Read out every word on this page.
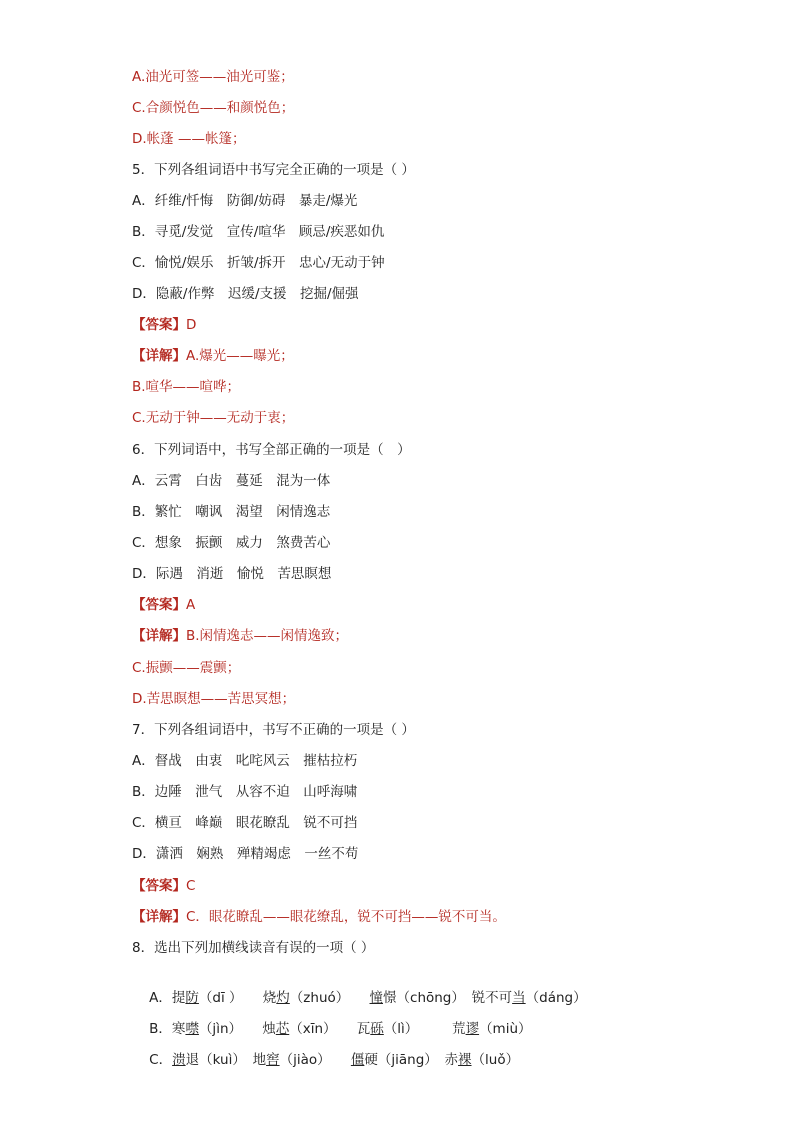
A.油光可签——油光可鉴；
C.合颜悦色——和颜悦色；
D.帐蓬 ——帐篷；
5．下列各组词语中书写完全正确的一项是（ ）
A．纤维/忏悔　防御/妨碍　暴走/爆光
B．寻觅/发觉　宣传/喧华　顾忌/疾恶如仇
C．愉悦/娱乐　折皱/拆开　忠心/无动于钟
D．隐蔽/作弊　迟缓/支援　挖掘/倔强
【答案】D
【详解】A.爆光——曝光；
B.喧华——喧哗；
C.无动于钟——无动于衷；
6．下列词语中，书写全部正确的一项是（　）
A．云霄　白齿　蔓延　混为一体
B．繁忙　嘲讽　渴望　闲情逸志
C．想象　振颤　威力　煞费苦心
D．际遇　消逝　愉悦　苦思瞑想
【答案】A
【详解】B.闲情逸志——闲情逸致；
C.振颤——震颤；
D.苦思瞑想——苦思冥想；
7．下列各组词语中，书写不正确的一项是（ ）
A．督战　由衷　叱咤风云　摧枯拉朽
B．边陲　泄气　从容不迫　山呼海啸
C．横亘　峰巅　眼花瞭乱　锐不可挡
D．潇洒　娴熟　殚精竭虑　一丝不苟
【答案】C
【详解】C．眼花瞭乱——眼花缭乱，锐不可挡——锐不可当。
8．选出下列加横线读音有误的一项（ ）

A．提防（dī ）　　烧灼（zhuó）　　憧憬（chōng）　锐不可当（dáng）

B．寒噤（jìn）　　烛芯（xīn）　　瓦砾（lì）　　　荒谬（miù）

C．溃退（kuì）　地窖（jiào）　　僵硬（jiāng）　赤裸（luǒ）
